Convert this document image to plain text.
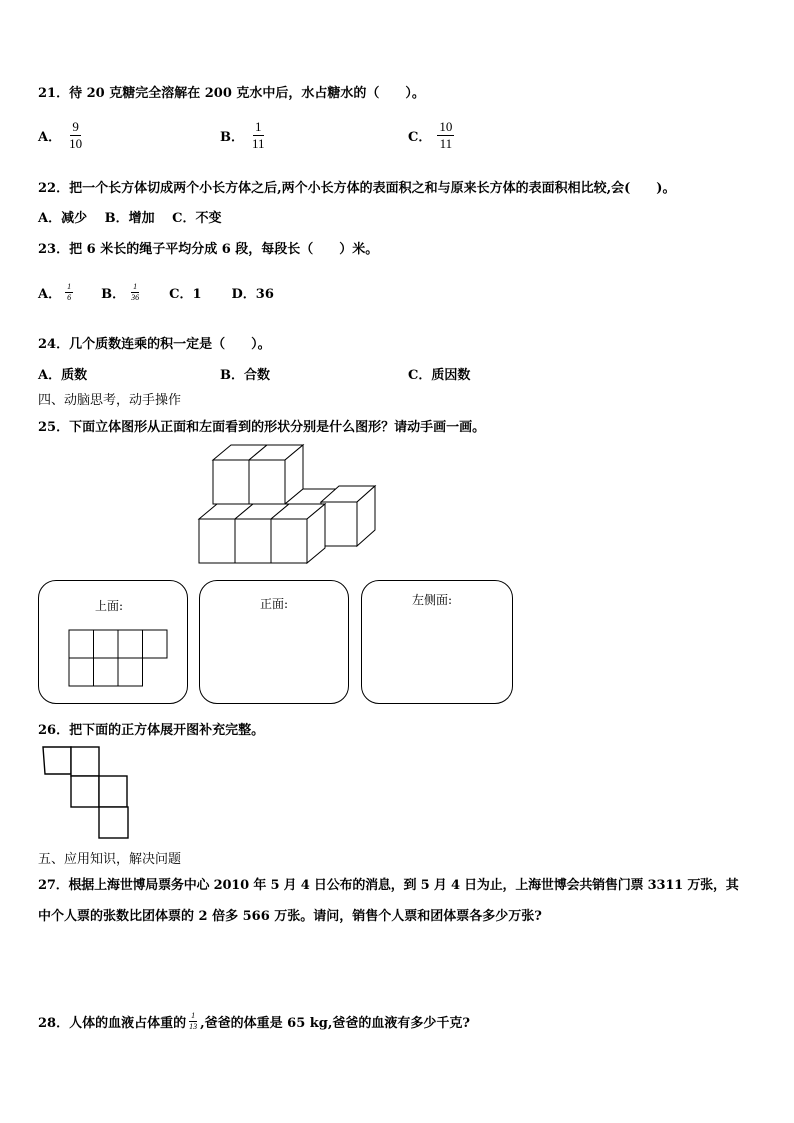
21．待 20 克糖完全溶解在 200 克水中后，水占糖水的（　　）。
A． $\frac{9}{10}$	B． $\frac{1}{11}$	C． $\frac{10}{11}$
22．把一个长方体切成两个小长方体之后,两个小长方体的表面积之和与原来长方体的表面积相比较,会(　　)。
A．减少　 B．增加　 C．不变
23．把 6 米长的绳子平均分成 6 段，每段长（　　）米。
A． $\frac{1}{6}$ B． $\frac{1}{36}$ C．1 D．36
24．几个质数连乘的积一定是（　　）。
A．质数	B．合数	C．质因数
四、动脑思考，动手操作
25．下面立体图形从正面和左面看到的形状分别是什么图形？请动手画一画。
上面:	正面:	左侧面:
26．把下面的正方体展开图补充完整。
五、应用知识，解决问题
27．根据上海世博局票务中心 2010 年 5 月 4 日公布的消息，到 5 月 4 日为止，上海世博会共销售门票 3311 万张，其
中个人票的张数比团体票的 2 倍多 566 万张。请问，销售个人票和团体票各多少万张?
28．人体的血液占体重的 $\frac{1}{13}$ ,爸爸的体重是 65 kg,爸爸的血液有多少千克?
